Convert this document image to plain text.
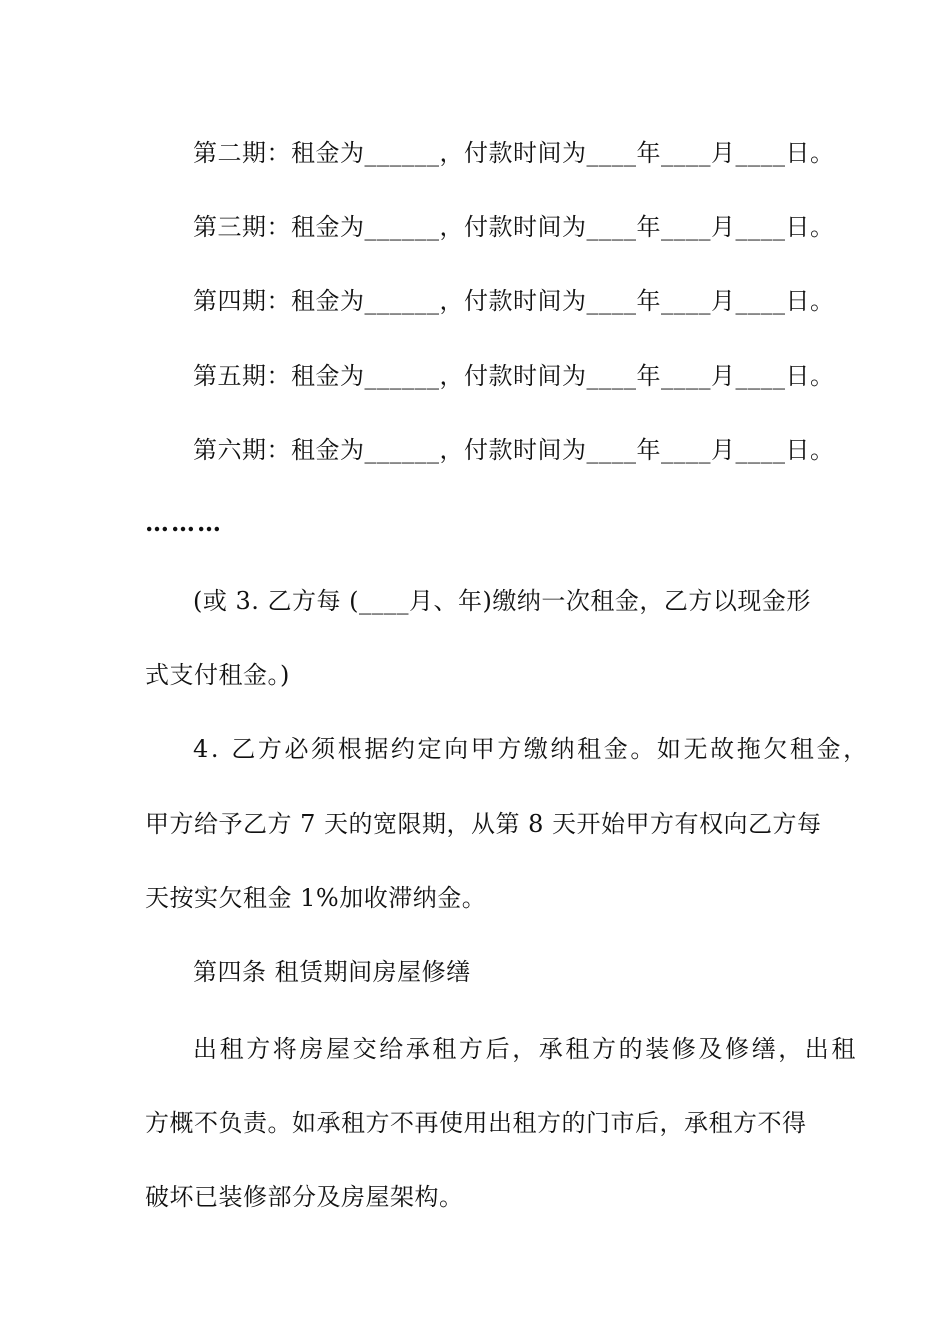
第二期：租金为______，付款时间为____年____月____日。
第三期：租金为______，付款时间为____年____月____日。
第四期：租金为______，付款时间为____年____月____日。
第五期：租金为______，付款时间为____年____月____日。
第六期：租金为______，付款时间为____年____月____日。
………
(或 3. 乙方每 (____月、年)缴纳一次租金，乙方以现金形
式支付租金。)
4. 乙方必须根据约定向甲方缴纳租金。如无故拖欠租金，
甲方给予乙方 7 天的宽限期，从第 8 天开始甲方有权向乙方每
天按实欠租金 1%加收滞纳金。
第四条 租赁期间房屋修缮
出租方将房屋交给承租方后，承租方的装修及修缮，出租
方概不负责。如承租方不再使用出租方的门市后，承租方不得
破坏已装修部分及房屋架构。
